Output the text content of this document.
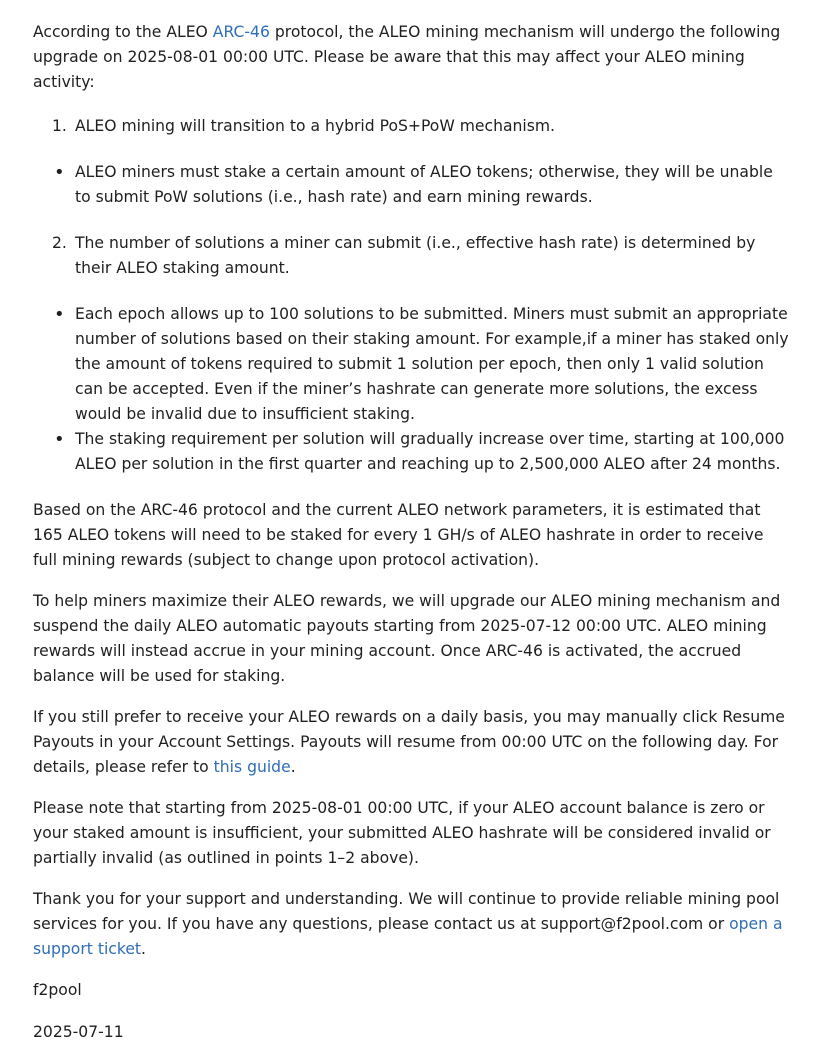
According to the ALEO ARC-46 protocol, the ALEO mining mechanism will undergo the following upgrade on 2025-08-01 00:00 UTC. Please be aware that this may affect your ALEO mining activity:

1. ALEO mining will transition to a hybrid PoS+PoW mechanism.
• ALEO miners must stake a certain amount of ALEO tokens; otherwise, they will be unable to submit PoW solutions (i.e., hash rate) and earn mining rewards.
2. The number of solutions a miner can submit (i.e., effective hash rate) is determined by their ALEO staking amount.
• Each epoch allows up to 100 solutions to be submitted. Miners must submit an appropriate number of solutions based on their staking amount. For example,if a miner has staked only the amount of tokens required to submit 1 solution per epoch, then only 1 valid solution can be accepted. Even if the miner’s hashrate can generate more solutions, the excess would be invalid due to insufficient staking.
• The staking requirement per solution will gradually increase over time, starting at 100,000 ALEO per solution in the first quarter and reaching up to 2,500,000 ALEO after 24 months.

Based on the ARC-46 protocol and the current ALEO network parameters, it is estimated that 165 ALEO tokens will need to be staked for every 1 GH/s of ALEO hashrate in order to receive full mining rewards (subject to change upon protocol activation).

To help miners maximize their ALEO rewards, we will upgrade our ALEO mining mechanism and suspend the daily ALEO automatic payouts starting from 2025-07-12 00:00 UTC. ALEO mining rewards will instead accrue in your mining account. Once ARC-46 is activated, the accrued balance will be used for staking.

If you still prefer to receive your ALEO rewards on a daily basis, you may manually click Resume Payouts in your Account Settings. Payouts will resume from 00:00 UTC on the following day. For details, please refer to this guide.

Please note that starting from 2025-08-01 00:00 UTC, if your ALEO account balance is zero or your staked amount is insufficient, your submitted ALEO hashrate will be considered invalid or partially invalid (as outlined in points 1–2 above).

Thank you for your support and understanding. We will continue to provide reliable mining pool services for you. If you have any questions, please contact us at support@f2pool.com or open a support ticket.

f2pool

2025-07-11
